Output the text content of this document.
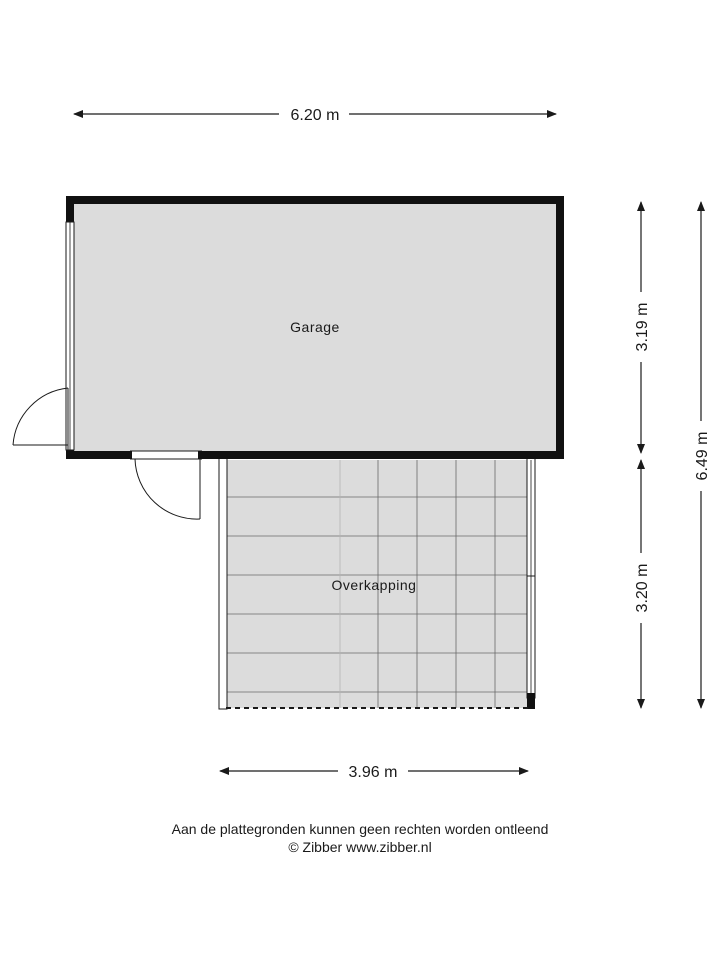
Garage
Overkapping
6.20 m
3.96 m
3.19 m
3.20 m
6.49 m
Aan de plattegronden kunnen geen rechten worden ontleend
© Zibber www.zibber.nl
